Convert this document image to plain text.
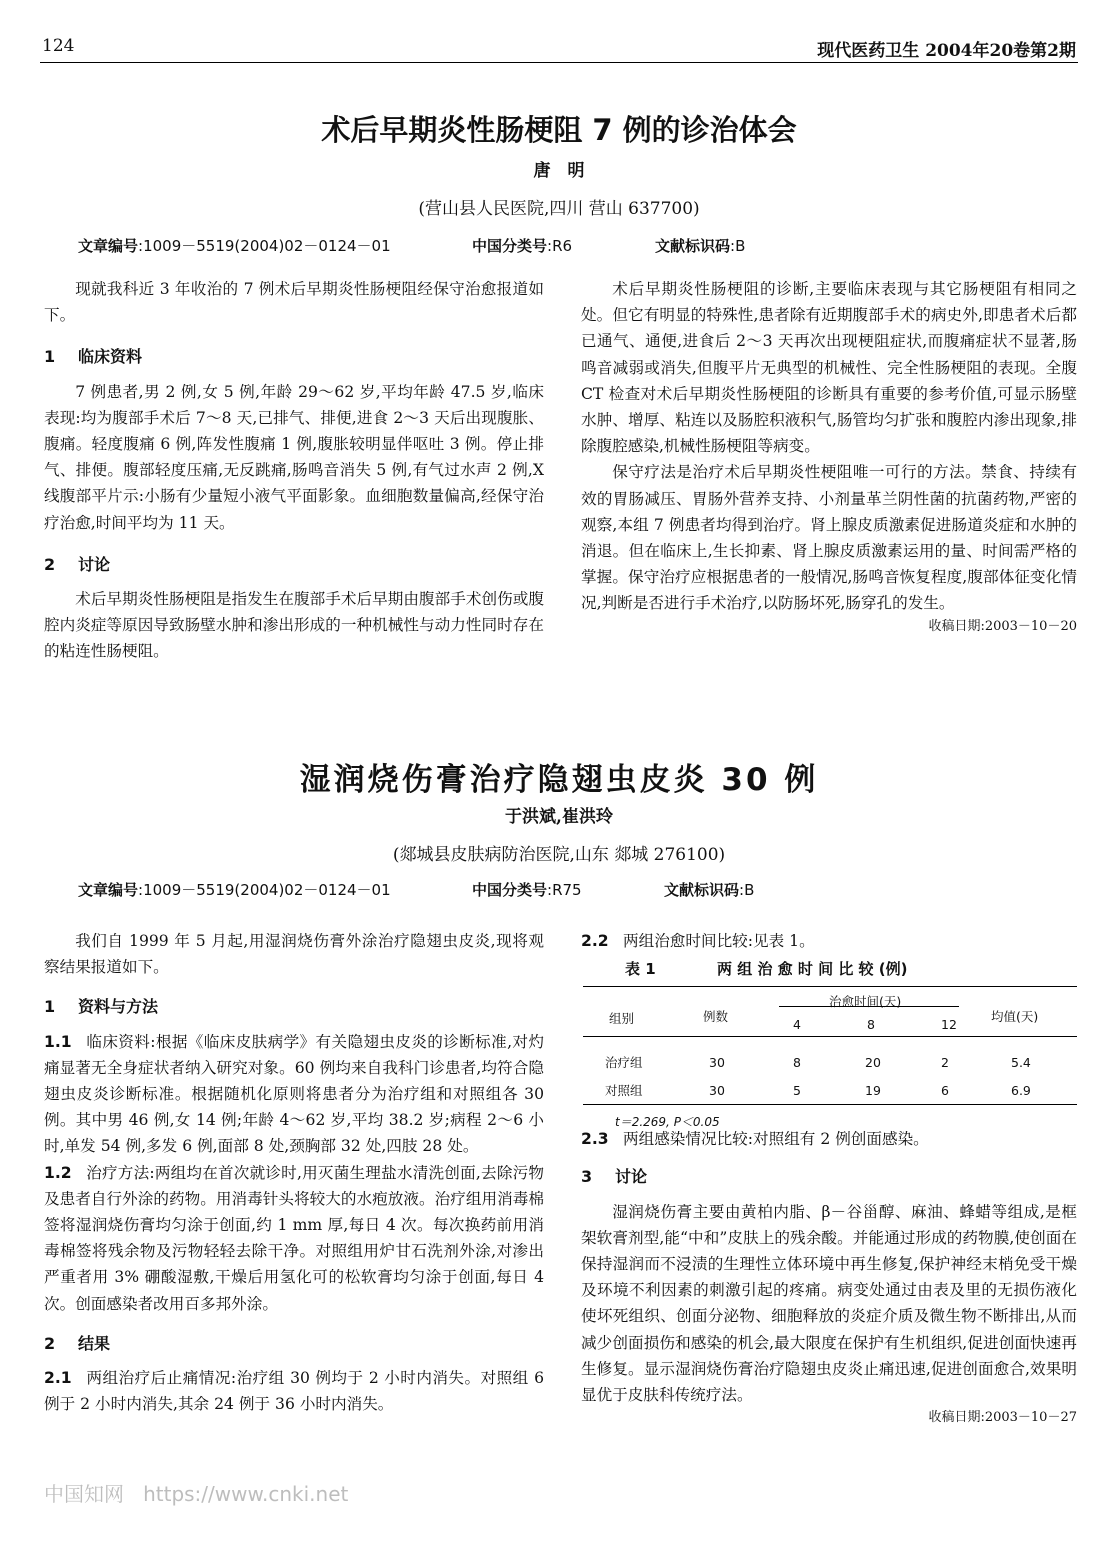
124	现代医药卫生 2004年20卷第2期
术后早期炎性肠梗阻 7 例的诊治体会
唐　明
(营山县人民医院,四川 营山 637700)
文章编号:1009－5519(2004)02－0124－01	中国分类号:R6	文献标识码:B

现就我科近 3 年收治的 7 例术后早期炎性肠梗阻经保守治愈报道如下。

1 临床资料

7 例患者,男 2 例,女 5 例,年龄 29～62 岁,平均年龄 47.5 岁,临床表现:均为腹部手术后 7～8 天,已排气、排便,进食 2～3 天后出现腹胀、腹痛。轻度腹痛 6 例,阵发性腹痛 1 例,腹胀较明显伴呕吐 3 例。停止排气、排便。腹部轻度压痛,无反跳痛,肠鸣音消失 5 例,有气过水声 2 例,X 线腹部平片示:小肠有少量短小液气平面影象。血细胞数量偏高,经保守治疗治愈,时间平均为 11 天。

2 讨论

术后早期炎性肠梗阻是指发生在腹部手术后早期由腹部手术创伤或腹腔内炎症等原因导致肠壁水肿和渗出形成的一种机械性与动力性同时存在的粘连性肠梗阻。

术后早期炎性肠梗阻的诊断,主要临床表现与其它肠梗阻有相同之处。但它有明显的特殊性,患者除有近期腹部手术的病史外,即患者术后都已通气、通便,进食后 2～3 天再次出现梗阻症状,而腹痛症状不显著,肠鸣音减弱或消失,但腹平片无典型的机械性、完全性肠梗阻的表现。全腹 CT 检查对术后早期炎性肠梗阻的诊断具有重要的参考价值,可显示肠壁水肿、增厚、粘连以及肠腔积液积气,肠管均匀扩张和腹腔内渗出现象,排除腹腔感染,机械性肠梗阻等病变。

保守疗法是治疗术后早期炎性梗阻唯一可行的方法。禁食、持续有效的胃肠减压、胃肠外营养支持、小剂量革兰阴性菌的抗菌药物,严密的观察,本组 7 例患者均得到治疗。肾上腺皮质激素促进肠道炎症和水肿的消退。但在临床上,生长抑素、肾上腺皮质激素运用的量、时间需严格的掌握。保守治疗应根据患者的一般情况,肠鸣音恢复程度,腹部体征变化情况,判断是否进行手术治疗,以防肠坏死,肠穿孔的发生。

收稿日期:2003－10－20
湿润烧伤膏治疗隐翅虫皮炎 30 例
于洪斌,崔洪玲
(郯城县皮肤病防治医院,山东 郯城 276100)
文章编号:1009－5519(2004)02－0124－01	中国分类号:R75	文献标识码:B

我们自 1999 年 5 月起,用湿润烧伤膏外涂治疗隐翅虫皮炎,现将观察结果报道如下。

1 资料与方法
1.1 临床资料:根据《临床皮肤病学》有关隐翅虫皮炎的诊断标准,对灼痛显著无全身症状者纳入研究对象。60 例均来自我科门诊患者,均符合隐翅虫皮炎诊断标准。根据随机化原则将患者分为治疗组和对照组各 30 例。其中男 46 例,女 14 例;年龄 4～62 岁,平均 38.2 岁;病程 2～6 小时,单发 54 例,多发 6 例,面部 8 处,颈胸部 32 处,四肢 28 处。
1.2 治疗方法:两组均在首次就诊时,用灭菌生理盐水清洗创面,去除污物及患者自行外涂的药物。用消毒针头将较大的水疱放液。治疗组用消毒棉签将湿润烧伤膏均匀涂于创面,约 1 mm 厚,每日 4 次。每次换药前用消毒棉签将残余物及污物轻轻去除干净。对照组用炉甘石洗剂外涂,对渗出严重者用 3% 硼酸湿敷,干燥后用氢化可的松软膏均匀涂于创面,每日 4 次。创面感染者改用百多邦外涂。
2 结果
2.1 两组治疗后止痛情况:治疗组 30 例均于 2 小时内消失。对照组 6 例于 2 小时内消失,其余 24 例于 36 小时内消失。
2.2 两组治愈时间比较:见表 1。
表 1	两 组 治 愈 时 间 比 较 (例)
组别	例数
治愈时间(天)
4	8	12
均值(天)
治疗组	30	8	20	2	5.4
对照组	30	5	19	6	6.9
t＝2.269, P＜0.05
2.3 两组感染情况比较:对照组有 2 例创面感染。
3 讨论

湿润烧伤膏主要由黄柏内脂、β－谷甾醇、麻油、蜂蜡等组成,是框架软膏剂型,能“中和”皮肤上的残余酸。并能通过形成的药物膜,使创面在保持湿润而不浸渍的生理性立体环境中再生修复,保护神经末梢免受干燥及环境不利因素的刺激引起的疼痛。病变处通过由表及里的无损伤液化使坏死组织、创面分泌物、细胞释放的炎症介质及微生物不断排出,从而减少创面损伤和感染的机会,最大限度在保护有生机组织,促进创面快速再生修复。显示湿润烧伤膏治疗隐翅虫皮炎止痛迅速,促进创面愈合,效果明显优于皮肤科传统疗法。

收稿日期:2003－10－27
中国知网 https://www.cnki.net
